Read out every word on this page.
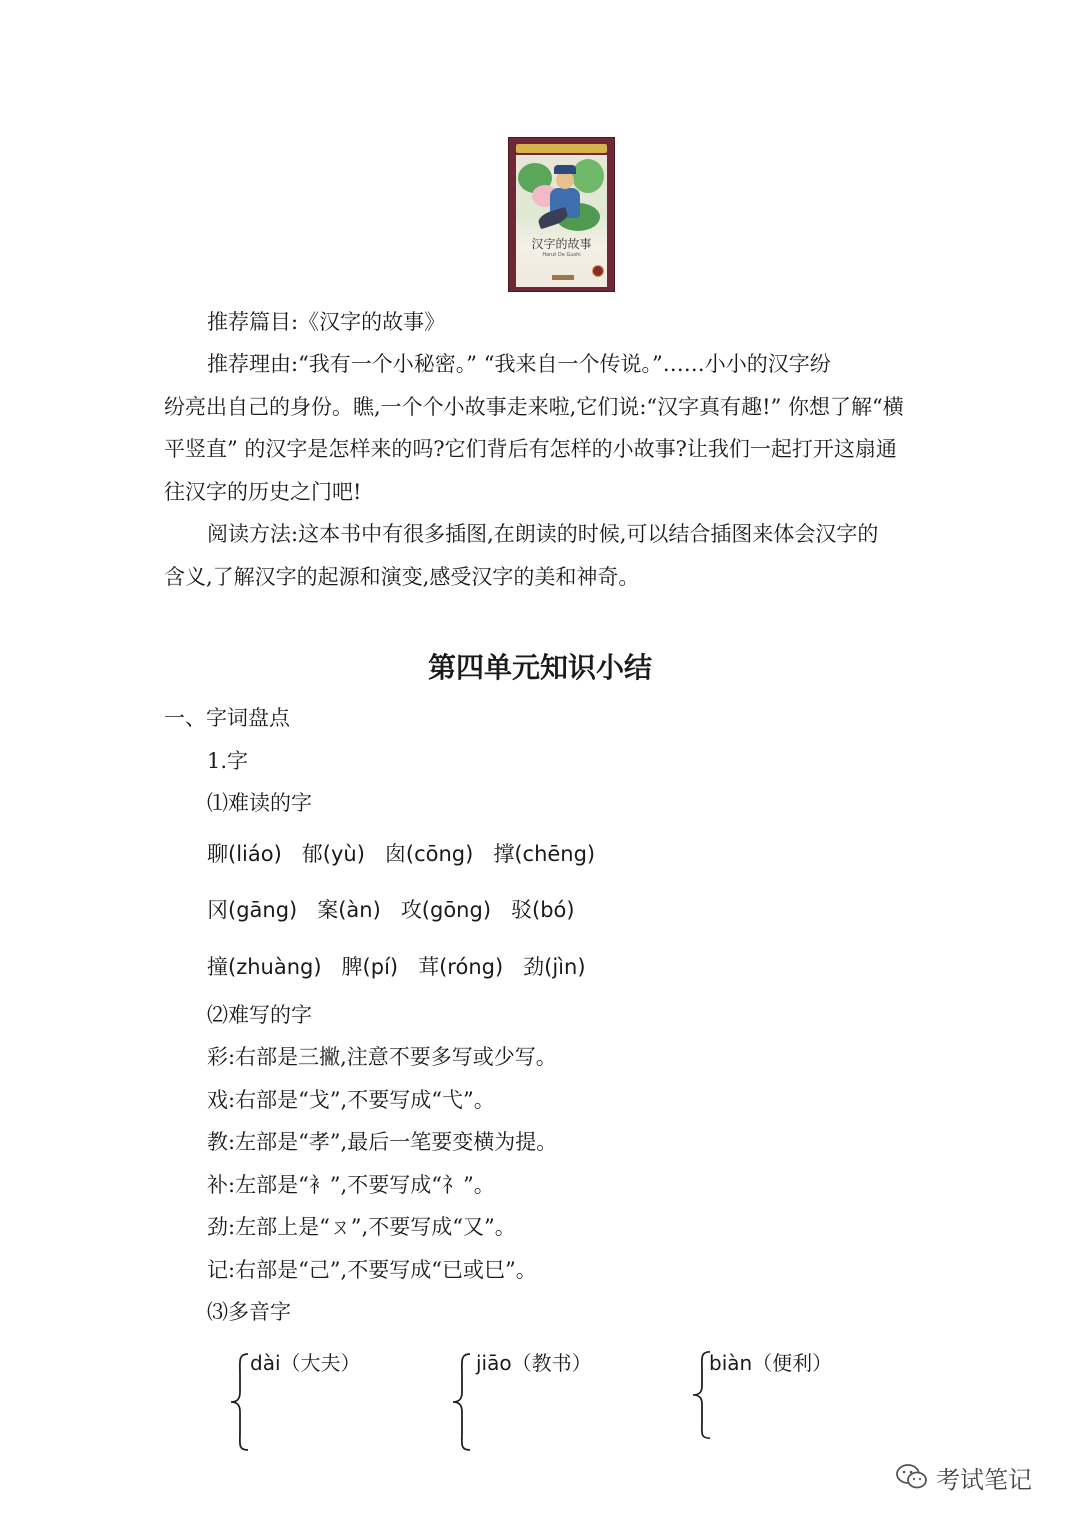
汉字的故事
Hanzi De Gushi
推荐篇目:《汉字的故事》
推荐理由:“我有一个小秘密。” “我来自一个传说。”……小小的汉字纷
纷亮出自己的身份。瞧,一个个小故事走来啦,它们说:“汉字真有趣!” 你想了解“横
平竖直” 的汉字是怎样来的吗?它们背后有怎样的小故事?让我们一起打开这扇通
往汉字的历史之门吧!
阅读方法:这本书中有很多插图,在朗读的时候,可以结合插图来体会汉字的
含义,了解汉字的起源和演变,感受汉字的美和神奇。
第四单元知识小结
一、字词盘点
1.字
⑴难读的字
聊(liáo) 郁(yù) 囱(cōng) 撑(chēng)
冈(gāng) 案(àn) 攻(gōng) 驳(bó)
撞(zhuàng) 脾(pí) 茸(róng) 劲(jìn)
⑵难写的字
彩:右部是三撇,注意不要多写或少写。
戏:右部是“戈”,不要写成“弋”。
教:左部是“孝”,最后一笔要变横为提。
补:左部是“衤”,不要写成“礻”。
劲:左部上是“ㄡ”,不要写成“又”。
记:右部是“己”,不要写成“已或巳”。
⑶多音字
dài（大夫）	jiāo（教书）	biàn（便利）
考试笔记
